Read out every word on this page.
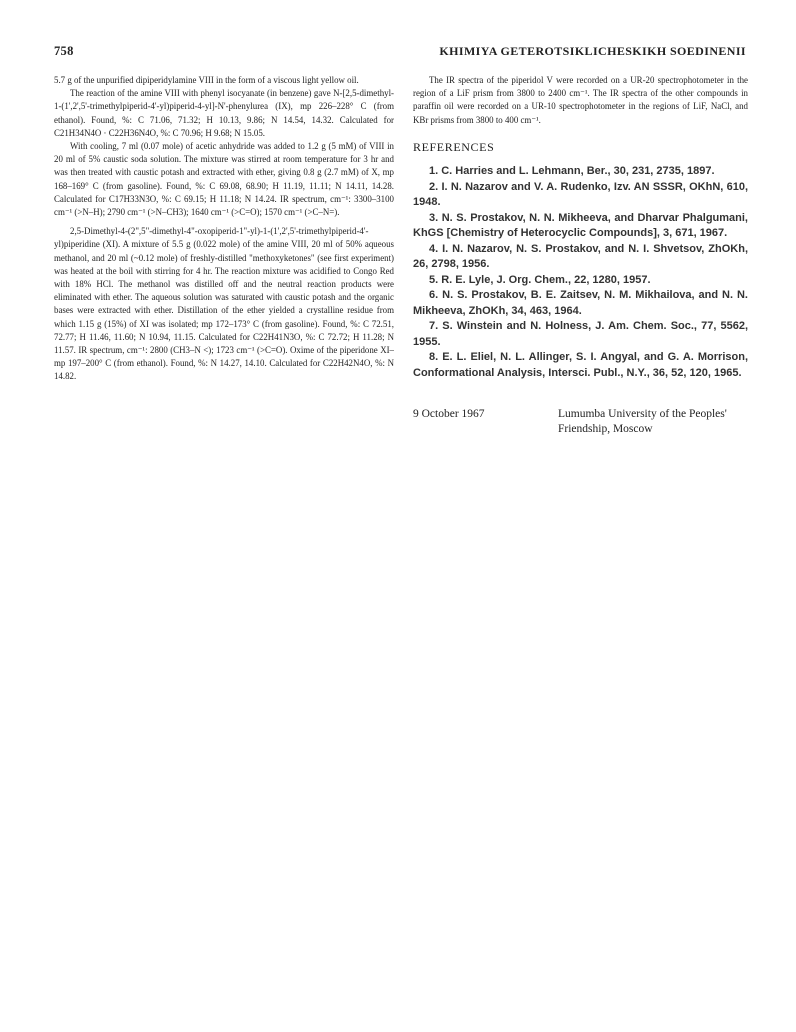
758	KHIMIYA GETEROTSIKLICHESKIKH SOEDINENII

5.7 g of the unpurified dipiperidylamine VIII in the form of a viscous light yellow oil.

The reaction of the amine VIII with phenyl isocyanate (in benzene) gave N-[2,5-dimethyl-1-(1',2',5'-trimethylpiperid-4'-yl)piperid-4-yl]-N'-phenylurea (IX), mp 226–228° C (from ethanol). Found, %: C 71.06, 71.32; H 10.13, 9.86; N 14.54, 14.32. Calculated for C21H34N4O · C22H36N4O, %: C 70.96; H 9.68; N 15.05.

With cooling, 7 ml (0.07 mole) of acetic anhydride was added to 1.2 g (5 mM) of VIII in 20 ml of 5% caustic soda solution. The mixture was stirred at room temperature for 3 hr and was then treated with caustic potash and extracted with ether, giving 0.8 g (2.7 mM) of X, mp 168–169° C (from gasoline). Found, %: C 69.08, 68.90; H 11.19, 11.11; N 14.11, 14.28. Calculated for C17H33N3O, %: C 69.15; H 11.18; N 14.24. IR spectrum, cm⁻¹: 3300–3100 cm⁻¹ (>N–H); 2790 cm⁻¹ (>N–CH3); 1640 cm⁻¹ (>C=O); 1570 cm⁻¹ (>C–N=).

2,5-Dimethyl-4-(2",5"-dimethyl-4"-oxopiperid-1"-yl)-1-(1',2',5'-trimethylpiperid-4'-yl)piperidine (XI). A mixture of 5.5 g (0.022 mole) of the amine VIII, 20 ml of 50% aqueous methanol, and 20 ml (~0.12 mole) of freshly-distilled "methoxyketones" (see first experiment) was heated at the boil with stirring for 4 hr. The reaction mixture was acidified to Congo Red with 18% HCl. The methanol was distilled off and the neutral reaction products were eliminated with ether. The aqueous solution was saturated with caustic potash and the organic bases were extracted with ether. Distillation of the ether yielded a crystalline residue from which 1.15 g (15%) of XI was isolated; mp 172–173° C (from gasoline). Found, %: C 72.51, 72.77; H 11.46, 11.60; N 10.94, 11.15. Calculated for C22H41N3O, %: C 72.72; H 11.28; N 11.57. IR spectrum, cm⁻¹: 2800 (CH3–N <); 1723 cm⁻¹ (>C=O). Oxime of the piperidone XI– mp 197–200° C (from ethanol). Found, %: N 14.27, 14.10. Calculated for C22H42N4O, %: N 14.82.

The IR spectra of the piperidol V were recorded on a UR-20 spectrophotometer in the region of a LiF prism from 3800 to 2400 cm⁻¹. The IR spectra of the other compounds in paraffin oil were recorded on a UR-10 spectrophotometer in the regions of LiF, NaCl, and KBr prisms from 3800 to 400 cm⁻¹.

REFERENCES

1. C. Harries and L. Lehmann, Ber., 30, 231, 2735, 1897.

2. I. N. Nazarov and V. A. Rudenko, Izv. AN SSSR, OKhN, 610, 1948.

3. N. S. Prostakov, N. N. Mikheeva, and Dharvar Phalgumani, KhGS [Chemistry of Heterocyclic Compounds], 3, 671, 1967.

4. I. N. Nazarov, N. S. Prostakov, and N. I. Shvetsov, ZhOKh, 26, 2798, 1956.

5. R. E. Lyle, J. Org. Chem., 22, 1280, 1957.

6. N. S. Prostakov, B. E. Zaitsev, N. M. Mikhailova, and N. N. Mikheeva, ZhOKh, 34, 463, 1964.

7. S. Winstein and N. Holness, J. Am. Chem. Soc., 77, 5562, 1955.

8. E. L. Eliel, N. L. Allinger, S. I. Angyal, and G. A. Morrison, Conformational Analysis, Intersci. Publ., N.Y., 36, 52, 120, 1965.

9 October 1967	Lumumba University of the Peoples' Friendship, Moscow
